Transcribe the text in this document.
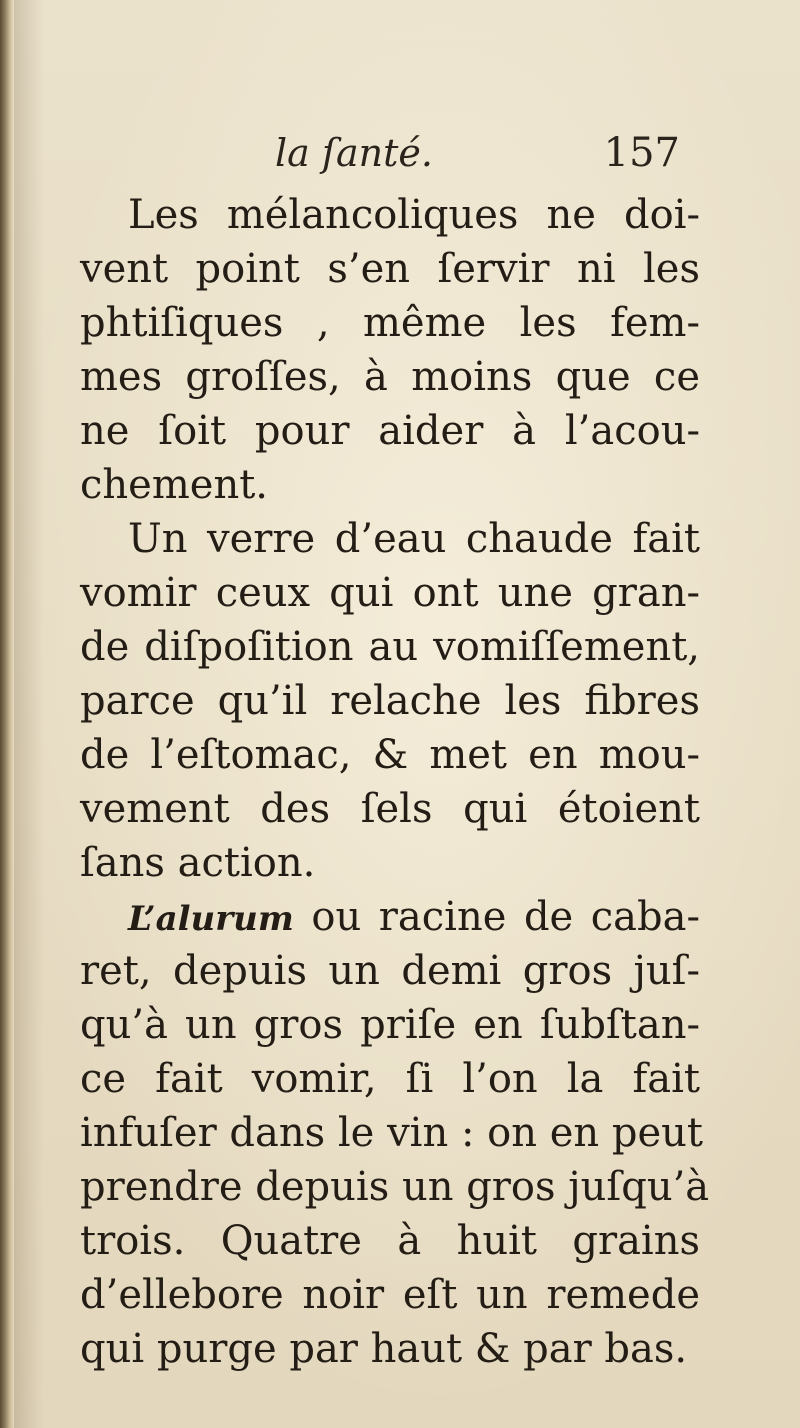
la ſanté.	157
Les mélancoliques ne doi-
vent point s’en ſervir ni les
phtiſiques , même les fem-
mes groſſes, à moins que ce
ne ſoit pour aider à l’acou-
chement.
Un verre d’eau chaude fait
vomir ceux qui ont une gran-
de diſpoſition au vomiſſement,
parce qu’il relache les fibres
de l’eſtomac, & met en mou-
vement des ſels qui étoient
ſans action.
L’alurum ou racine de caba-
ret, depuis un demi gros juſ-
qu’à un gros priſe en ſubſtan-
ce fait vomir, ſi l’on la fait
infuſer dans le vin : on en peut
prendre depuis un gros juſqu’à
trois. Quatre à huit grains
d’ellebore noir eſt un remede
qui purge par haut & par bas.
